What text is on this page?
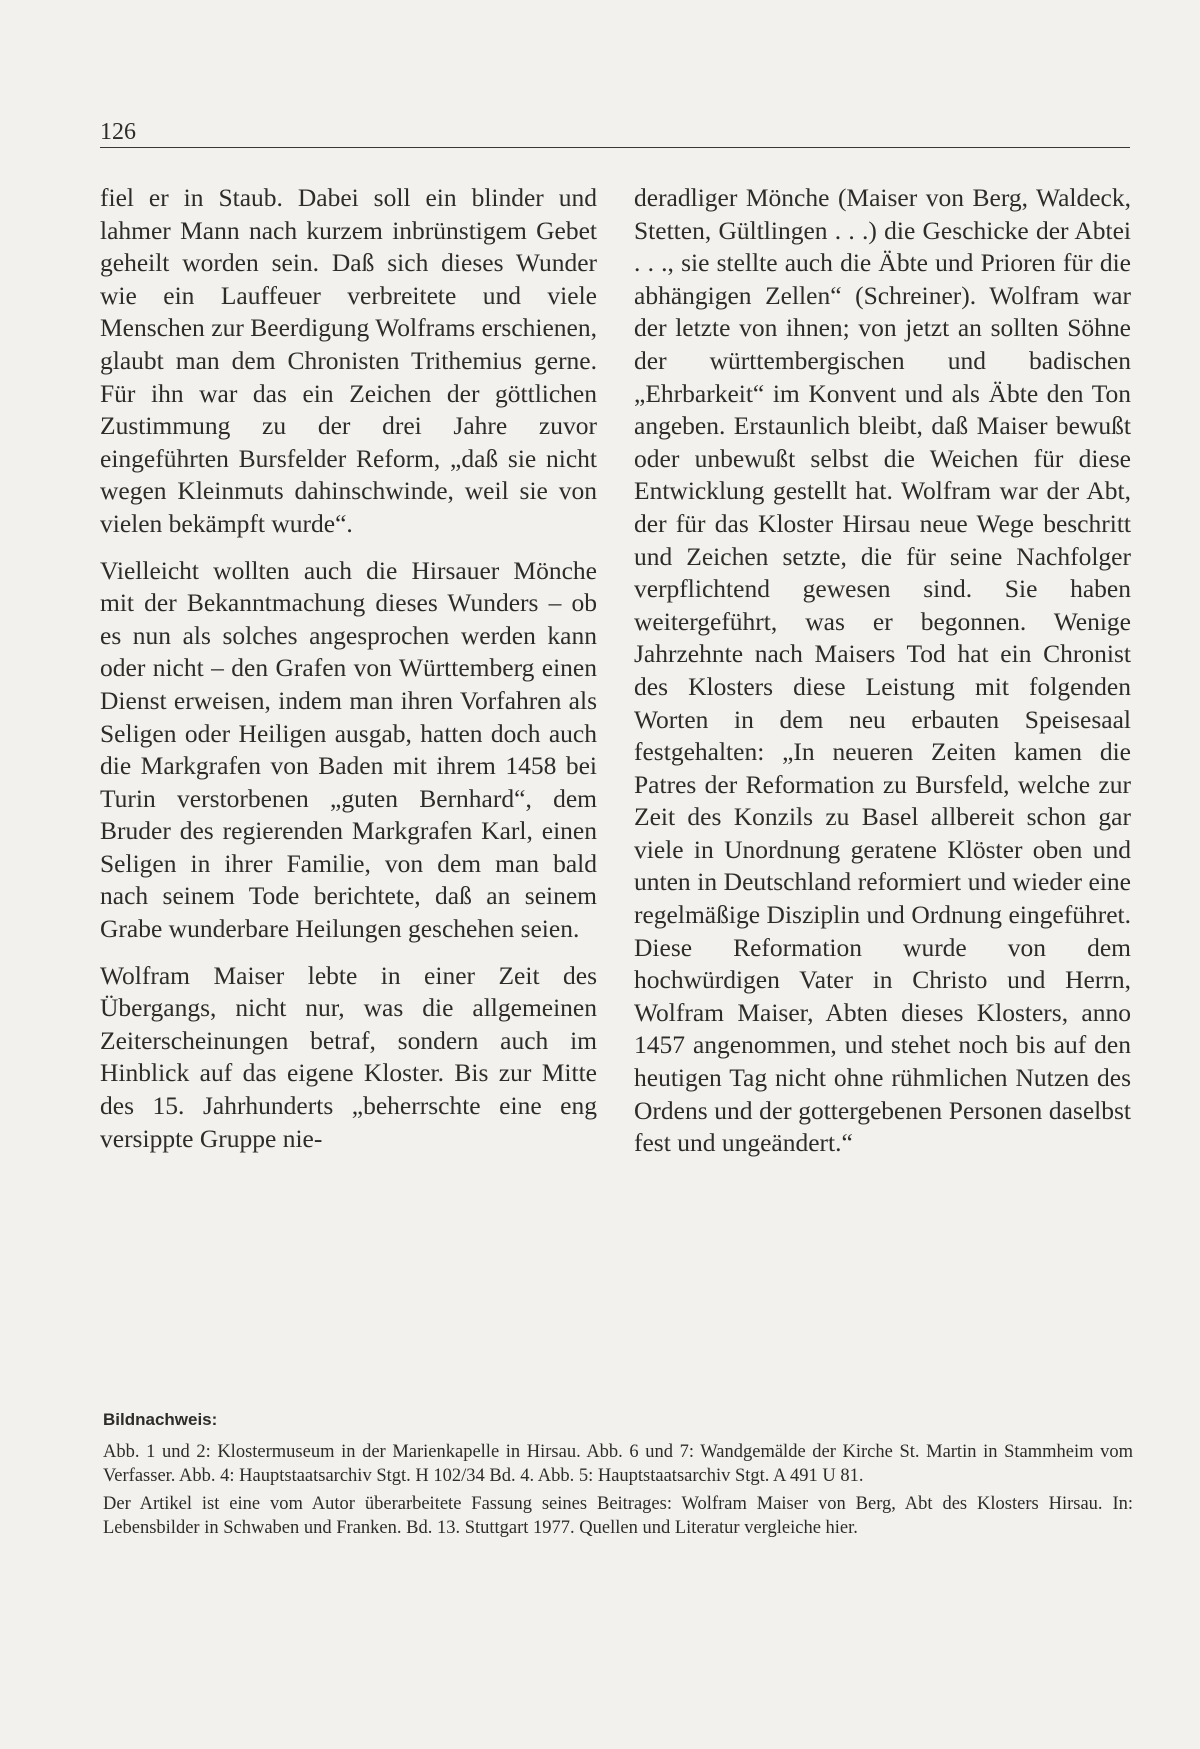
126

fiel er in Staub. Dabei soll ein blinder und lahmer Mann nach kurzem inbrünstigem Gebet geheilt worden sein. Daß sich dieses Wunder wie ein Lauffeuer verbreitete und viele Menschen zur Beerdigung Wolframs erschienen, glaubt man dem Chronisten Trithemius gerne. Für ihn war das ein Zeichen der göttlichen Zustimmung zu der drei Jahre zuvor eingeführten Bursfelder Reform, „daß sie nicht wegen Kleinmuts dahinschwinde, weil sie von vielen bekämpft wurde“.

Vielleicht wollten auch die Hirsauer Mönche mit der Bekanntmachung dieses Wunders – ob es nun als solches angesprochen werden kann oder nicht – den Grafen von Württemberg einen Dienst erweisen, indem man ihren Vorfahren als Seligen oder Heiligen ausgab, hatten doch auch die Markgrafen von Baden mit ihrem 1458 bei Turin verstorbenen „guten Bernhard“, dem Bruder des regierenden Markgrafen Karl, einen Seligen in ihrer Familie, von dem man bald nach seinem Tode berichtete, daß an seinem Grabe wunderbare Heilungen geschehen seien.

Wolfram Maiser lebte in einer Zeit des Übergangs, nicht nur, was die allgemeinen Zeiterscheinungen betraf, sondern auch im Hinblick auf das eigene Kloster. Bis zur Mitte des 15. Jahrhunderts „beherrschte eine eng versippte Gruppe nie-

deradliger Mönche (Maiser von Berg, Waldeck, Stetten, Gültlingen . . .) die Geschicke der Abtei . . ., sie stellte auch die Äbte und Prioren für die abhängigen Zellen“ (Schreiner). Wolfram war der letzte von ihnen; von jetzt an sollten Söhne der württembergischen und badischen „Ehrbarkeit“ im Konvent und als Äbte den Ton angeben. Erstaunlich bleibt, daß Maiser bewußt oder unbewußt selbst die Weichen für diese Entwicklung gestellt hat. Wolfram war der Abt, der für das Kloster Hirsau neue Wege beschritt und Zeichen setzte, die für seine Nachfolger verpflichtend gewesen sind. Sie haben weitergeführt, was er begonnen. Wenige Jahrzehnte nach Maisers Tod hat ein Chronist des Klosters diese Leistung mit folgenden Worten in dem neu erbauten Speisesaal festgehalten: „In neueren Zeiten kamen die Patres der Reformation zu Bursfeld, welche zur Zeit des Konzils zu Basel allbereit schon gar viele in Unordnung geratene Klöster oben und unten in Deutschland reformiert und wieder eine regelmäßige Disziplin und Ordnung eingeführet. Diese Reformation wurde von dem hochwürdigen Vater in Christo und Herrn, Wolfram Maiser, Abten dieses Klosters, anno 1457 angenommen, und stehet noch bis auf den heutigen Tag nicht ohne rühmlichen Nutzen des Ordens und der gottergebenen Personen daselbst fest und ungeändert.“

Bildnachweis:

Abb. 1 und 2: Klostermuseum in der Marienkapelle in Hirsau. Abb. 6 und 7: Wandgemälde der Kirche St. Martin in Stammheim vom Verfasser. Abb. 4: Hauptstaatsarchiv Stgt. H 102/34 Bd. 4. Abb. 5: Hauptstaatsarchiv Stgt. A 491 U 81.

Der Artikel ist eine vom Autor überarbeitete Fassung seines Beitrages: Wolfram Maiser von Berg, Abt des Klosters Hirsau. In: Lebensbilder in Schwaben und Franken. Bd. 13. Stuttgart 1977. Quellen und Literatur vergleiche hier.
